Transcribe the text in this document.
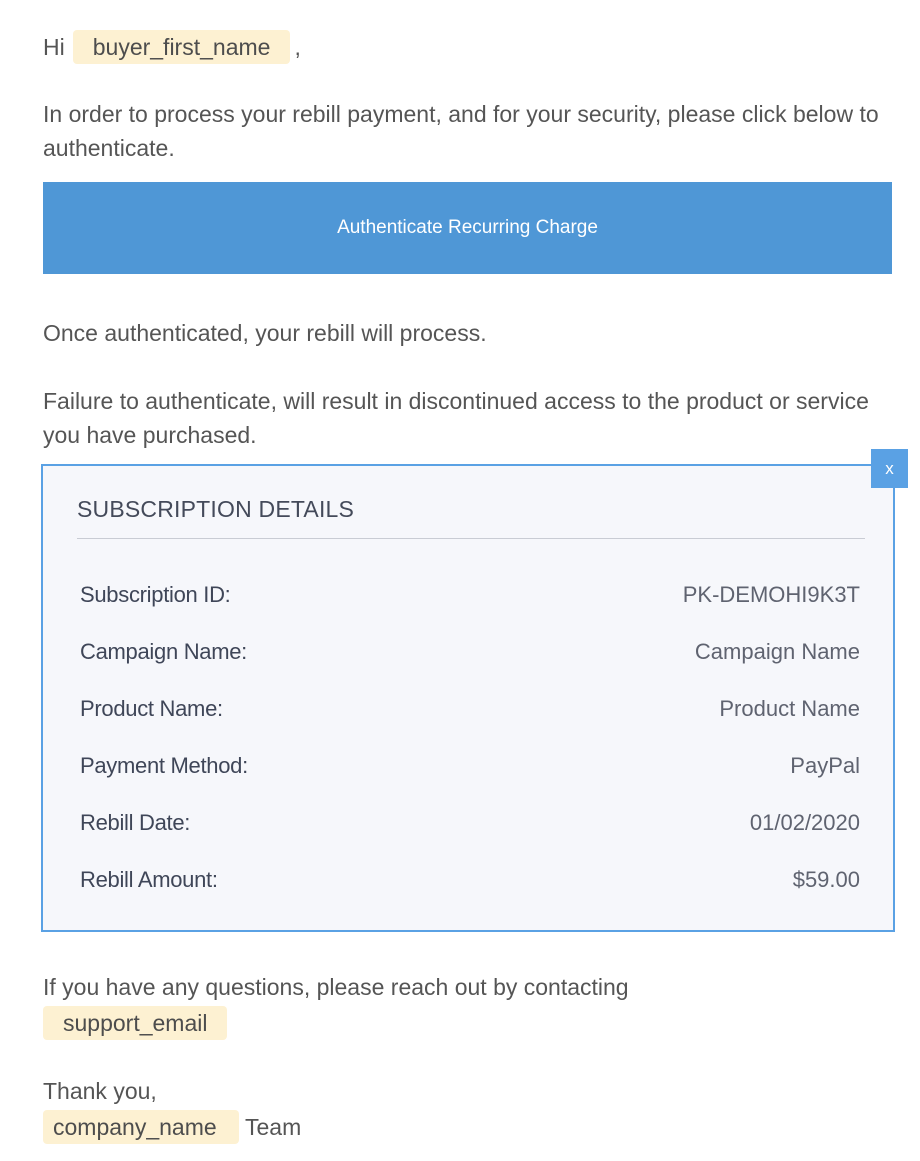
Hi buyer_first_name ,
In order to process your rebill payment, and for your security, please click below to authenticate.
Authenticate Recurring Charge
Once authenticated, your rebill will process.
Failure to authenticate, will result in discontinued access to the product or service you have purchased.
SUBSCRIPTION DETAILS
Subscription ID:	PK-DEMOHI9K3T
Campaign Name:	Campaign Name
Product Name:	Product Name
Payment Method:	PayPal
Rebill Date:	01/02/2020
Rebill Amount:	$59.00
x
If you have any questions, please reach out by contacting
support_email
Thank you,
company_name Team
